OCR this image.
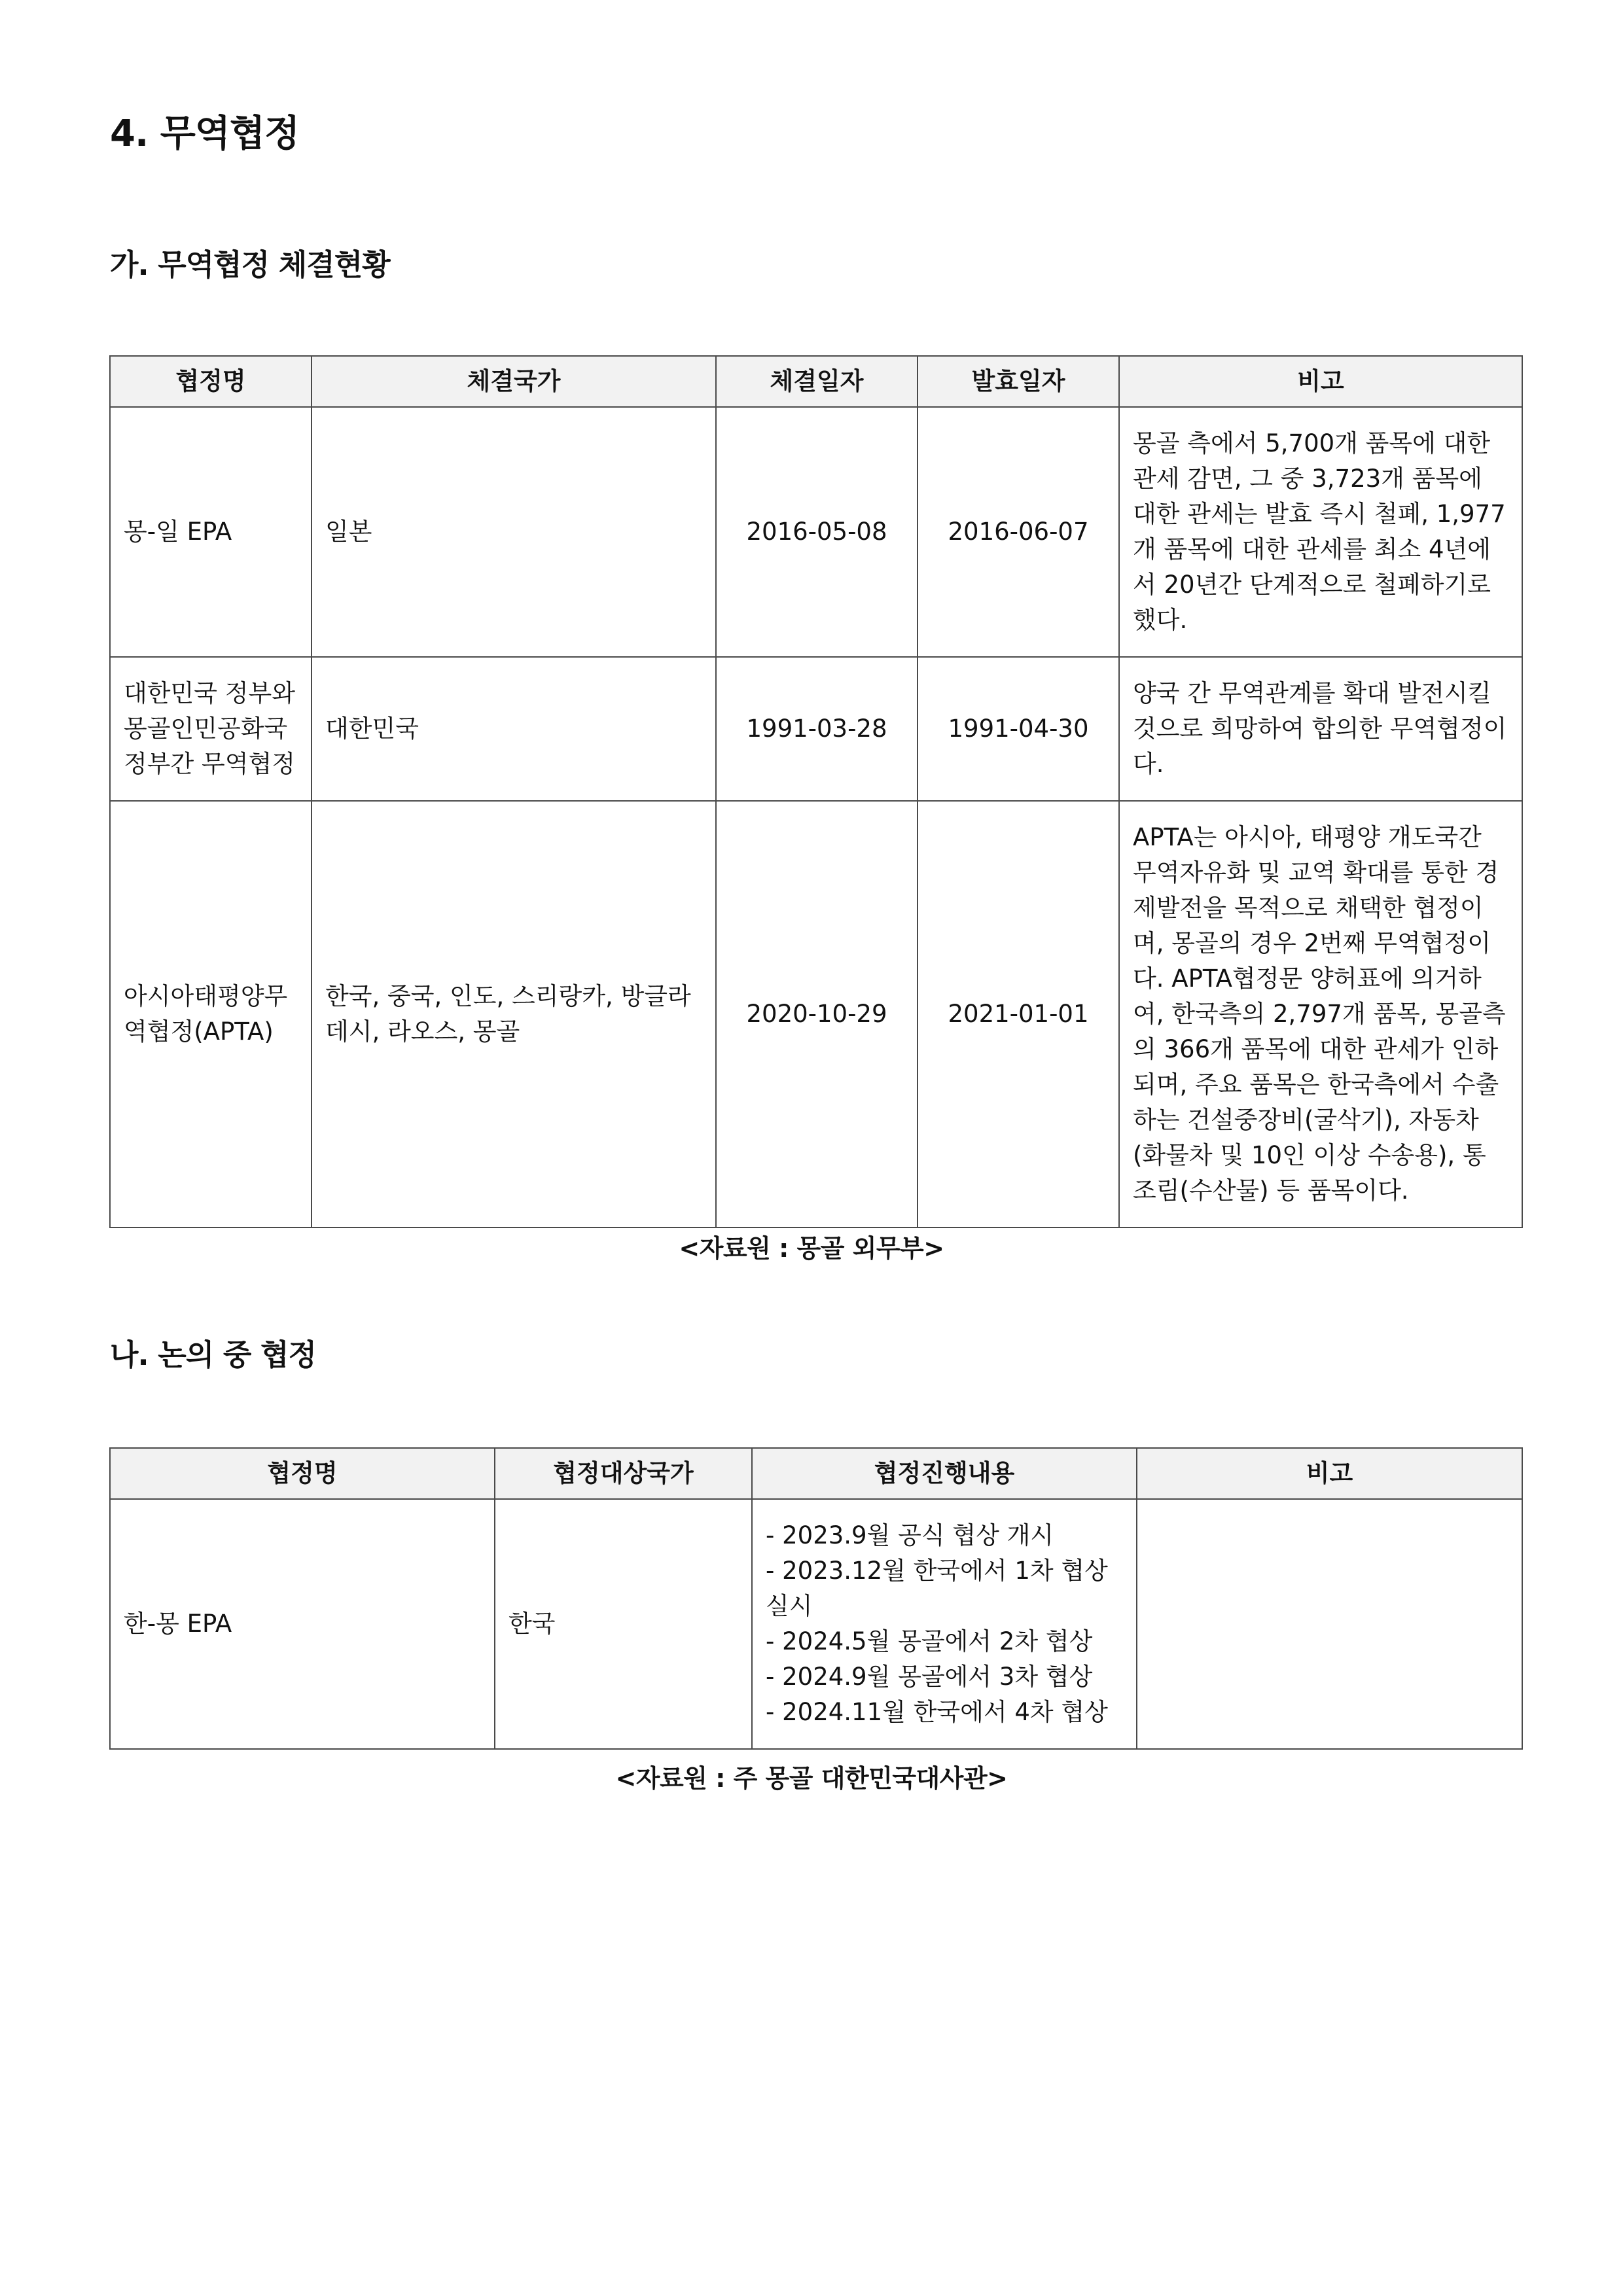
4. 무역협정
가. 무역협정 체결현황
협정명	체결국가	체결일자	발효일자	비고
몽-일 EPA	일본	2016-05-08	2016-06-07	몽골 측에서 5,700개 품목에 대한 관세 감면, 그 중 3,723개 품목에 대한 관세는 발효 즉시 철폐, 1,977개 품목에 대한 관세를 최소 4년에서 20년간 단계적으로 철폐하기로 했다.
대한민국 정부와 몽골인민공화국 정부간 무역협정	대한민국	1991-03-28	1991-04-30	양국 간 무역관계를 확대 발전시킬 것으로 희망하여 합의한 무역협정이다.
아시아태평양무역협정(APTA)	한국, 중국, 인도, 스리랑카, 방글라데시, 라오스, 몽골	2020-10-29	2021-01-01	APTA는 아시아, 태평양 개도국간 무역자유화 및 교역 확대를 통한 경제발전을 목적으로 채택한 협정이며, 몽골의 경우 2번째 무역협정이다. APTA협정문 양허표에 의거하여, 한국측의 2,797개 품목, 몽골측의 366개 품목에 대한 관세가 인하되며, 주요 품목은 한국측에서 수출하는 건설중장비(굴삭기), 자동차(화물차 및 10인 이상 수송용), 통조림(수산물) 등 품목이다.
<자료원 : 몽골 외무부>
나. 논의 중 협정
협정명	협정대상국가	협정진행내용	비고
한-몽 EPA	한국	- 2023.9월 공식 협상 개시
- 2023.12월 한국에서 1차 협상 실시
- 2024.5월 몽골에서 2차 협상
- 2024.9월 몽골에서 3차 협상
- 2024.11월 한국에서 4차 협상	
<자료원 : 주 몽골 대한민국대사관>
